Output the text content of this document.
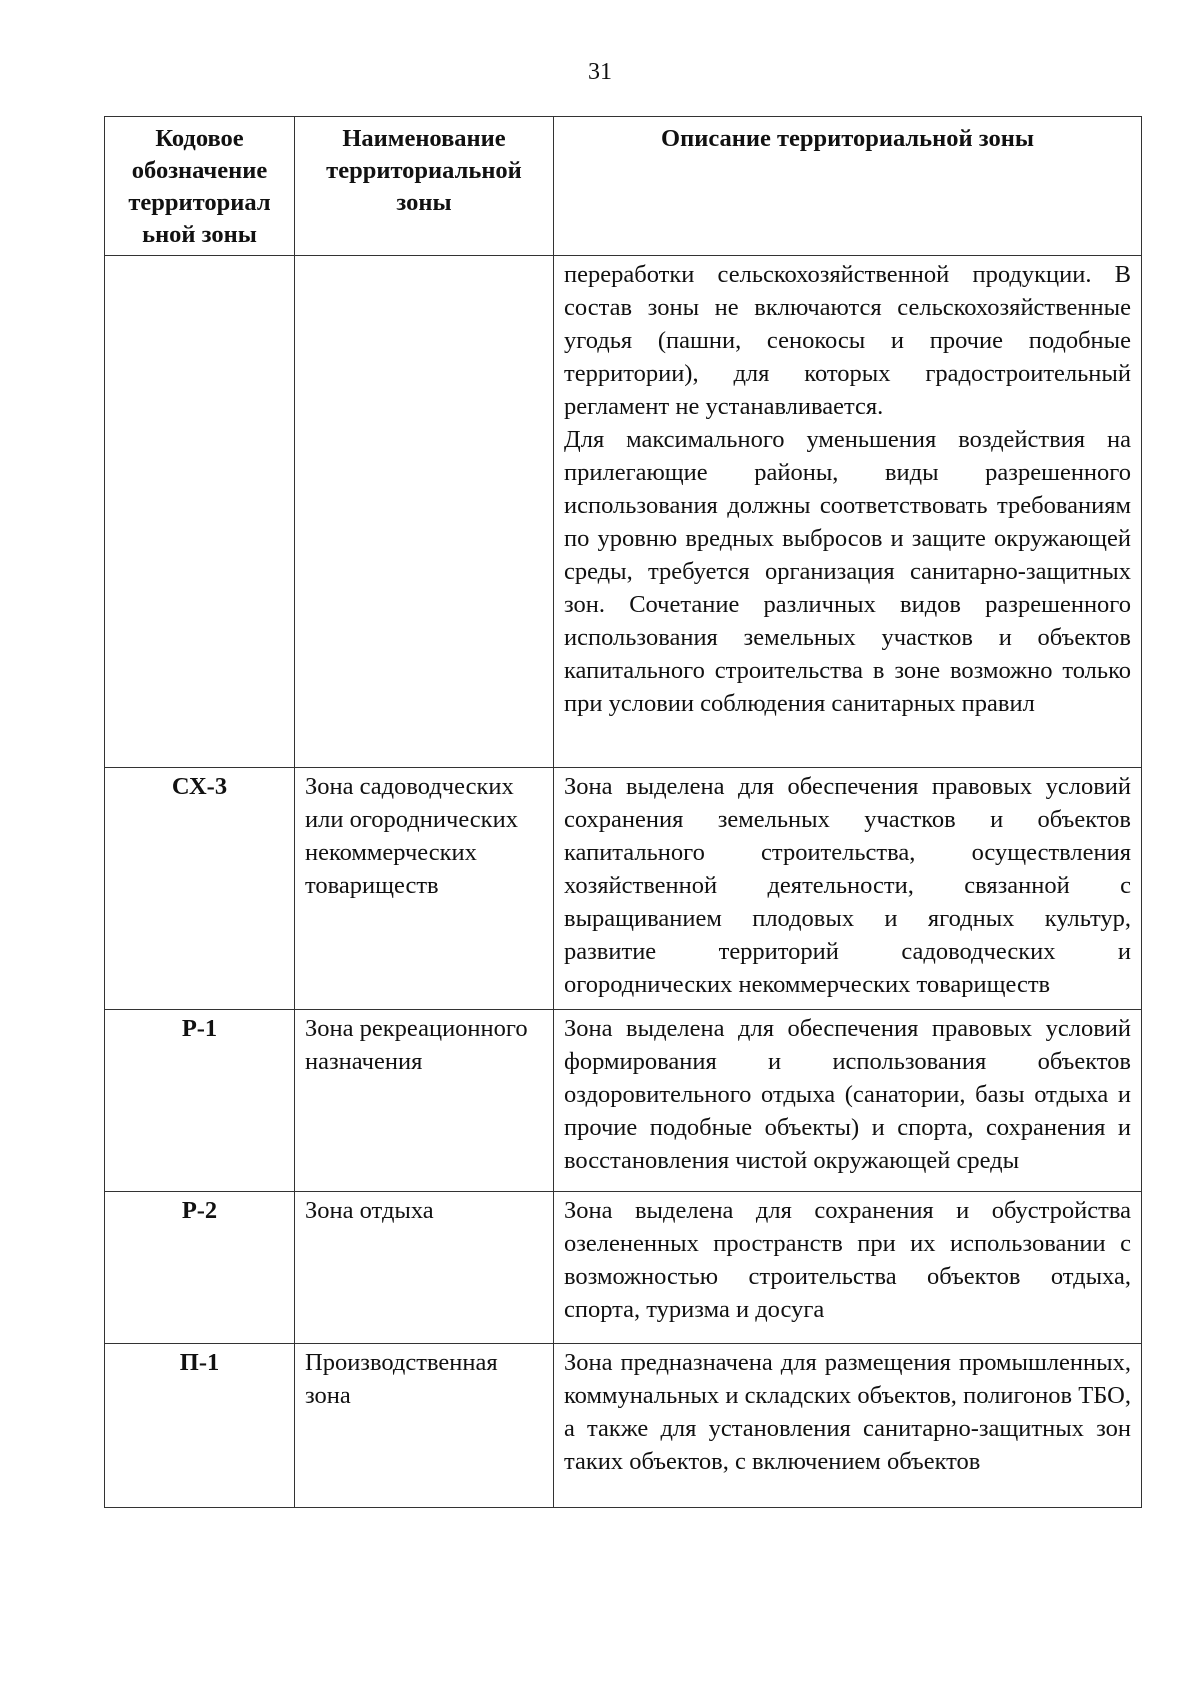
31
Кодовое обозначение территориал ьной зоны	Наименование территориальной зоны	Описание территориальной зоны

		переработки сельскохозяйственной продукции. В состав зоны не включаются сельскохозяйственные угодья (пашни, сенокосы и прочие подобные территории), для которых градостроительный регламент не устанавливается.

Для максимального уменьшения воздействия на прилегающие районы, виды разрешенного использования должны соответствовать требованиям по уровню вредных выбросов и защите окружающей среды, требуется организация санитарно-защитных зон. Сочетание различных видов разрешенного использования земельных участков и объектов капитального строительства в зоне возможно только при условии соблюдения санитарных правил

СХ-3	Зона садоводческих или огороднических некоммерческих товариществ	Зона выделена для обеспечения правовых условий сохранения земельных участков и объектов капитального строительства, осуществления хозяйственной деятельности, связанной с выращиванием плодовых и ягодных культур, развитие территорий садоводческих и огороднических некоммерческих товариществ

Р-1	Зона рекреационного назначения	Зона выделена для обеспечения правовых условий формирования и использования объектов оздоровительного отдыха (санатории, базы отдыха и прочие подобные объекты) и спорта, сохранения и восстановления чистой окружающей среды

Р-2	Зона отдыха	Зона выделена для сохранения и обустройства озелененных пространств при их использовании с возможностью строительства объектов отдыха, спорта, туризма и досуга

П-1	Производственная зона	Зона предназначена для размещения промышленных, коммунальных и складских объектов, полигонов ТБО, а также для установления санитарно-защитных зон таких объектов, с включением объектов
